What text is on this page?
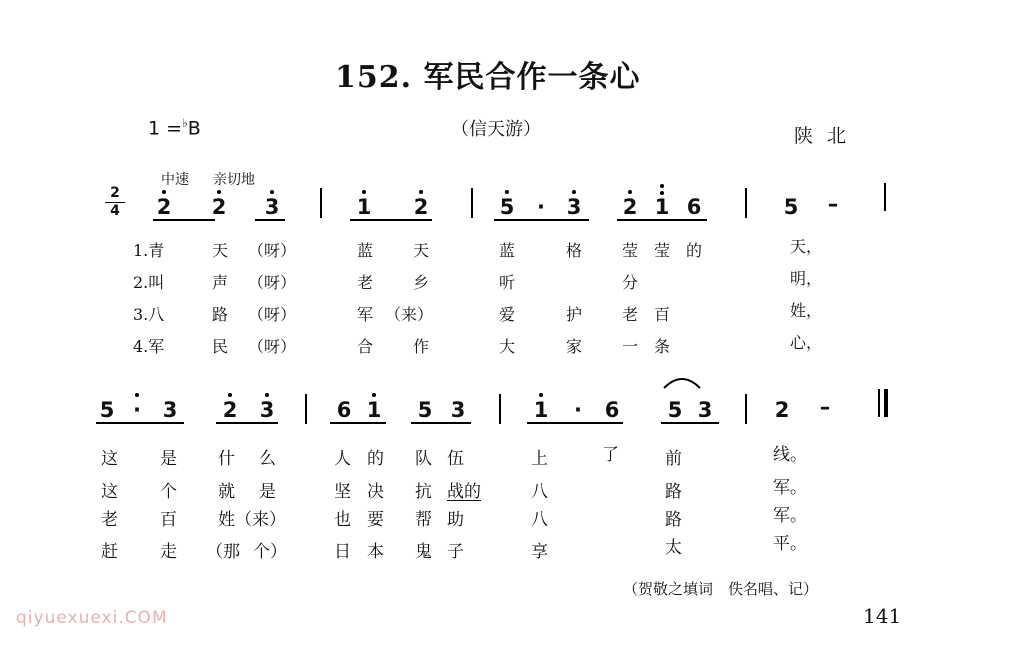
152. 军民合作一条心
1 =♭B	（信天游）	陕北
中速 亲切地
2
4 2 2 3	1 2	5	·	3 2 1 6	5 –
1.青	天 （呀）	蓝 天	蓝	格 莹 莹 的	天，
2.叫	声 （呀）	老 乡	听	分	明，
3.八	路 （呀）	军 （来）	爱	护 老 百	姓，
4.军	民 （呀）	合 作	大	家 一 条	心，
5 ·	3 2 3	6 1 5 3	1	·	6 5 3	2 –
这 是 什 么	人 的 队 伍	上	了	前	线。
这 个 就 是	坚 决 抗 战的	八	路	军。
老 百 姓（来）	也 要 帮 助	八	路	军。
赶 走 （那 个）	日 本 鬼 子	享	太	平。
（贺敬之填词　佚名唱、记）
141
qiyuexuexi.COM
